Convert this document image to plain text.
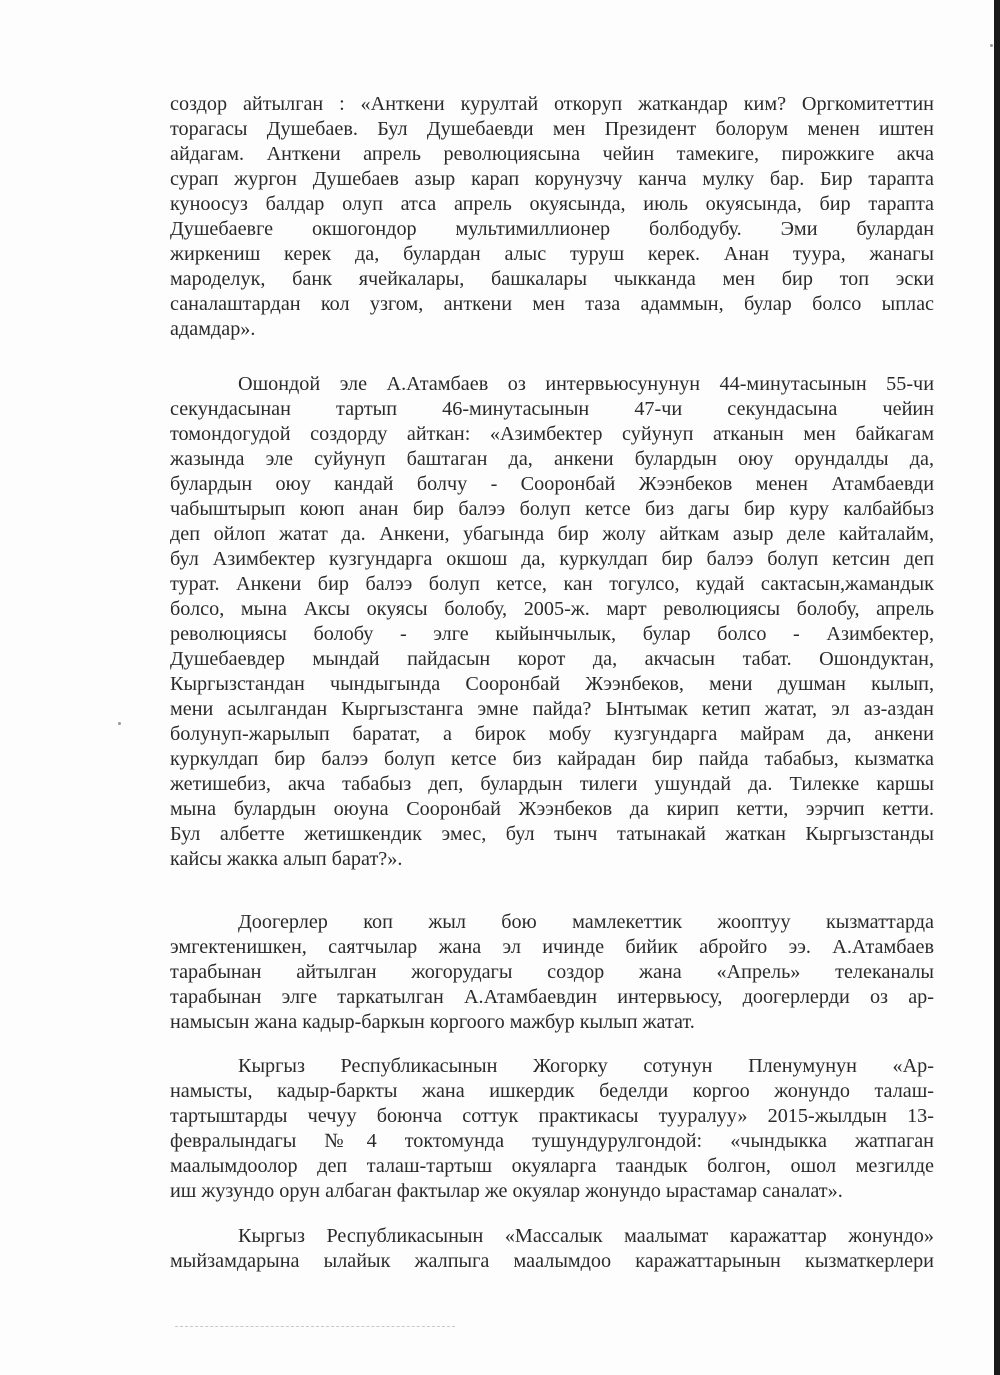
создор айтылган : «Анткени курултай откоруп жаткандар ким? Оргкомитеттин
торагасы Душебаев. Бул Душебаевди мен Президент болорум менен иштен
айдагам. Анткени апрель революциясына чейин тамекиге, пирожкиге акча
сурап жургон Душебаев азыр карап корунузчу канча мулку бар. Бир тарапта
куноосуз балдар олуп атса апрель окуясында, июль окуясында, бир тарапта
Душебаевге окшогондор мультимиллионер болбодубу. Эми булардан
жиркениш керек да, булардан алыс туруш керек. Анан туура, жанагы
мароделук, банк ячейкалары, башкалары чыкканда мен бир топ эски
саналаштардан кол узгом, анткени мен таза адаммын, булар болсо ыплас
адамдар».
Ошондой эле А.Атамбаев оз интервьюсунунун 44-минутасынын 55-чи
секундасынан тартып 46-минутасынын 47-чи секундасына чейин
томондогудой создорду айткан: «Азимбектер суйунуп атканын мен байкагам
жазында эле суйунуп баштаган да, анкени булардын оюу орундалды да,
булардын оюу кандай болчу - Сооронбай Жээнбеков менен Атамбаевди
чабыштырып коюп анан бир балээ болуп кетсе биз дагы бир куру калбайбыз
деп ойлоп жатат да. Анкени, убагында бир жолу айткам азыр деле кайталайм,
бул Азимбектер кузгундарга окшош да, куркулдап бир балээ болуп кетсин деп
турат. Анкени бир балээ болуп кетсе, кан тогулсо, кудай сактасын,жамандык
болсо, мына Аксы окуясы болобу, 2005-ж. март революциясы болобу, апрель
революциясы болобу - элге кыйынчылык, булар болсо - Азимбектер,
Душебаевдер мындай пайдасын корот да, акчасын табат. Ошондуктан,
Кыргызстандан чындыгында Сооронбай Жээнбеков, мени душман кылып,
мени асылгандан Кыргызстанга эмне пайда? Ынтымак кетип жатат, эл аз-аздан
болунуп-жарылып баратат, а бирок мобу кузгундарга майрам да, анкени
куркулдап бир балээ болуп кетсе биз кайрадан бир пайда табабыз, кызматка
жетишебиз, акча табабыз деп, булардын тилеги ушундай да. Тилекке каршы
мына булардын оюуна Сооронбай Жээнбеков да кирип кетти, ээрчип кетти.
Бул албетте жетишкендик эмес, бул тынч татынакай жаткан Кыргызстанды
кайсы жакка алып барат?».
Доогерлер коп жыл бою мамлекеттик жооптуу кызматтарда
эмгектенишкен, саятчылар жана эл ичинде бийик абройго ээ. А.Атамбаев
тарабынан айтылган жогорудагы создор жана «Апрель» телеканалы
тарабынан элге таркатылган А.Атамбаевдин интервьюсу, доогерлерди оз ар-
намысын жана кадыр-баркын коргоого мажбур кылып жатат.
Кыргыз Республикасынын Жогорку сотунун Пленумунун «Ар-
намысты, кадыр-баркты жана ишкердик беделди коргоо жонундо талаш-
тартыштарды чечуу боюнча соттук практикасы тууралуу» 2015-жылдын 13-
февралындагы №4 токтомунда тушундурулгондой: «чындыкка жатпаган
маалымдоолор деп талаш-тартыш окуяларга таандык болгон, ошол мезгилде
иш жузундо орун албаган фактылар же окуялар жонундо ырастамар саналат».
Кыргыз Республикасынын «Массалык маалымат каражаттар жонундо»
мыйзамдарына ылайык жалпыга маалымдоо каражаттарынын кызматкерлери
